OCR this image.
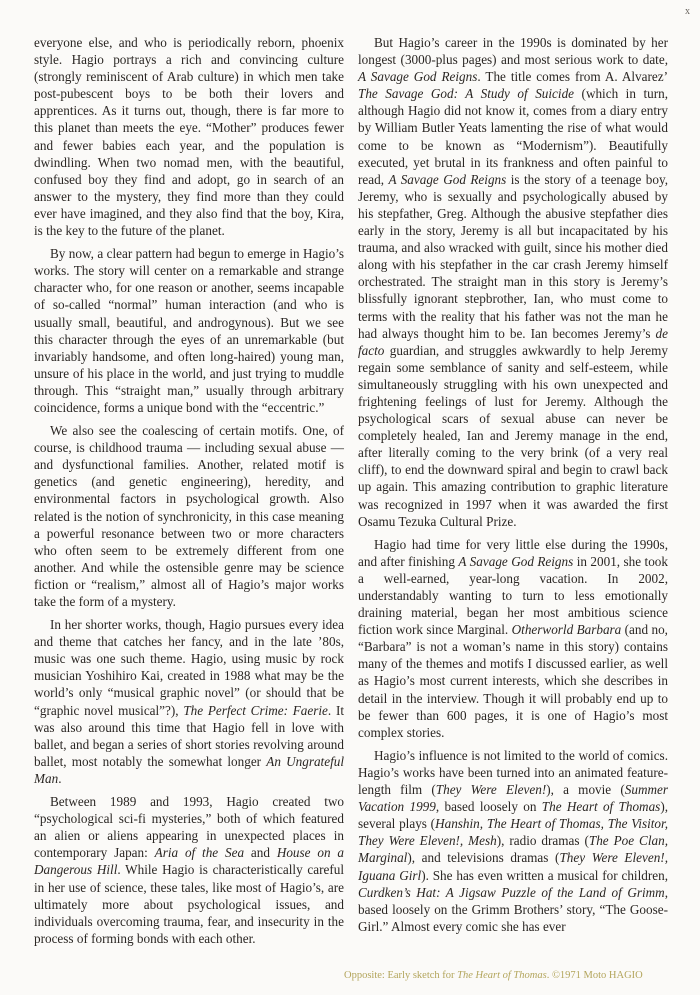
x

everyone else, and who is periodically reborn, phoenix style. Hagio portrays a rich and convincing culture (strongly reminiscent of Arab culture) in which men take post-pubescent boys to be both their lovers and apprentices. As it turns out, though, there is far more to this planet than meets the eye. “Mother” produces fewer and fewer babies each year, and the population is dwindling. When two nomad men, with the beautiful, confused boy they find and adopt, go in search of an answer to the mystery, they find more than they could ever have imagined, and they also find that the boy, Kira, is the key to the future of the planet.

By now, a clear pattern had begun to emerge in Hagio’s works. The story will center on a remarkable and strange character who, for one reason or another, seems incapable of so-called “normal” human interaction (and who is usually small, beautiful, and androgynous). But we see this character through the eyes of an unremarkable (but invariably handsome, and often long-haired) young man, unsure of his place in the world, and just trying to muddle through. This “straight man,” usually through arbitrary coincidence, forms a unique bond with the “eccentric.”

We also see the coalescing of certain motifs. One, of course, is childhood trauma — including sexual abuse — and dysfunctional families. Another, related motif is genetics (and genetic engineering), heredity, and environmental factors in psychological growth. Also related is the notion of synchronicity, in this case meaning a powerful resonance between two or more characters who often seem to be extremely different from one another. And while the ostensible genre may be science fiction or “realism,” almost all of Hagio’s major works take the form of a mystery.

In her shorter works, though, Hagio pursues every idea and theme that catches her fancy, and in the late ’80s, music was one such theme. Hagio, using music by rock musician Yoshihiro Kai, created in 1988 what may be the world’s only “musical graphic novel” (or should that be “graphic novel musical”?), The Perfect Crime: Faerie. It was also around this time that Hagio fell in love with ballet, and began a series of short stories revolving around ballet, most notably the somewhat longer An Ungrateful Man.

Between 1989 and 1993, Hagio created two “psychological sci-fi mysteries,” both of which featured an alien or aliens appearing in unexpected places in contemporary Japan: Aria of the Sea and House on a Dangerous Hill. While Hagio is characteristically careful in her use of science, these tales, like most of Hagio’s, are ultimately more about psychological issues, and individuals overcoming trauma, fear, and insecurity in the process of forming bonds with each other.

But Hagio’s career in the 1990s is dominated by her longest (3000-plus pages) and most serious work to date, A Savage God Reigns. The title comes from A. Alvarez’ The Savage God: A Study of Suicide (which in turn, although Hagio did not know it, comes from a diary entry by William Butler Yeats lamenting the rise of what would come to be known as “Modernism”). Beautifully executed, yet brutal in its frankness and often painful to read, A Savage God Reigns is the story of a teenage boy, Jeremy, who is sexually and psychologically abused by his stepfather, Greg. Although the abusive stepfather dies early in the story, Jeremy is all but incapacitated by his trauma, and also wracked with guilt, since his mother died along with his stepfather in the car crash Jeremy himself orchestrated. The straight man in this story is Jeremy’s blissfully ignorant stepbrother, Ian, who must come to terms with the reality that his father was not the man he had always thought him to be. Ian becomes Jeremy’s de facto guardian, and struggles awkwardly to help Jeremy regain some semblance of sanity and self-esteem, while simultaneously struggling with his own unexpected and frightening feelings of lust for Jeremy. Although the psychological scars of sexual abuse can never be completely healed, Ian and Jeremy manage in the end, after literally coming to the very brink (of a very real cliff), to end the downward spiral and begin to crawl back up again. This amazing contribution to graphic literature was recognized in 1997 when it was awarded the first Osamu Tezuka Cultural Prize.

Hagio had time for very little else during the 1990s, and after finishing A Savage God Reigns in 2001, she took a well-earned, year-long vacation. In 2002, understandably wanting to turn to less emotionally draining material, began her most ambitious science fiction work since Marginal. Otherworld Barbara (and no, “Barbara” is not a woman’s name in this story) contains many of the themes and motifs I discussed earlier, as well as Hagio’s most current interests, which she describes in detail in the interview. Though it will probably end up to be fewer than 600 pages, it is one of Hagio’s most complex stories.

Hagio’s influence is not limited to the world of comics. Hagio’s works have been turned into an animated feature-length film (They Were Eleven!), a movie (Summer Vacation 1999, based loosely on The Heart of Thomas), several plays (Hanshin, The Heart of Thomas, The Visitor, They Were Eleven!, Mesh), radio dramas (The Poe Clan, Marginal), and televisions dramas (They Were Eleven!, Iguana Girl). She has even written a musical for children, Curdken’s Hat: A Jigsaw Puzzle of the Land of Grimm, based loosely on the Grimm Brothers’ story, “The Goose-Girl.” Almost every comic she has ever

Opposite: Early sketch for The Heart of Thomas. ©1971 Moto HAGIO
